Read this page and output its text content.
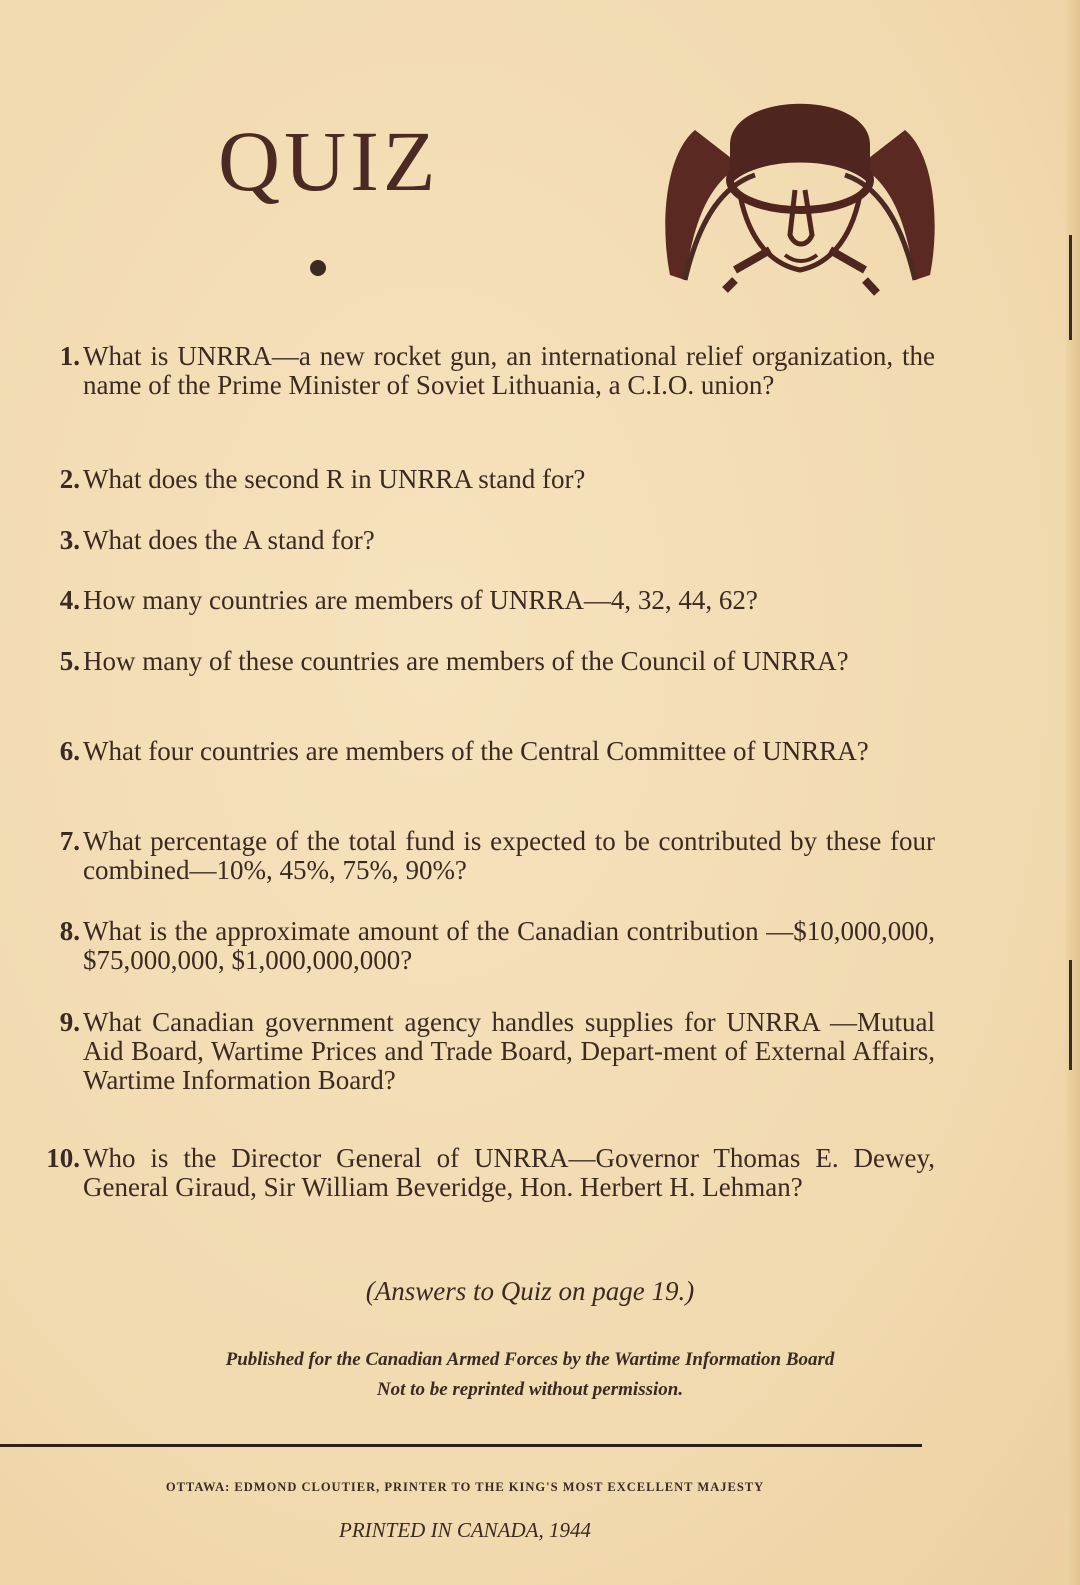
QUIZ
1. What is UNRRA—a new rocket gun, an international relief organization, the name of the Prime Minister of Soviet Lithuania, a C.I.O. union?
2. What does the second R in UNRRA stand for?
3. What does the A stand for?
4. How many countries are members of UNRRA—4, 32, 44, 62?
5. How many of these countries are members of the Council of UNRRA?
6. What four countries are members of the Central Committee of UNRRA?
7. What percentage of the total fund is expected to be contributed by these four combined—10%, 45%, 75%, 90%?
8. What is the approximate amount of the Canadian contribution —$10,000,000, $75,000,000, $1,000,000,000?
9. What Canadian government agency handles supplies for UNRRA —Mutual Aid Board, Wartime Prices and Trade Board, Depart-ment of External Affairs, Wartime Information Board?
10. Who is the Director General of UNRRA—Governor Thomas E. Dewey, General Giraud, Sir William Beveridge, Hon. Herbert H. Lehman?
(Answers to Quiz on page 19.)
Published for the Canadian Armed Forces by the Wartime Information Board
Not to be reprinted without permission.
OTTAWA: EDMOND CLOUTIER, PRINTER TO THE KING'S MOST EXCELLENT MAJESTY
PRINTED IN CANADA, 1944
